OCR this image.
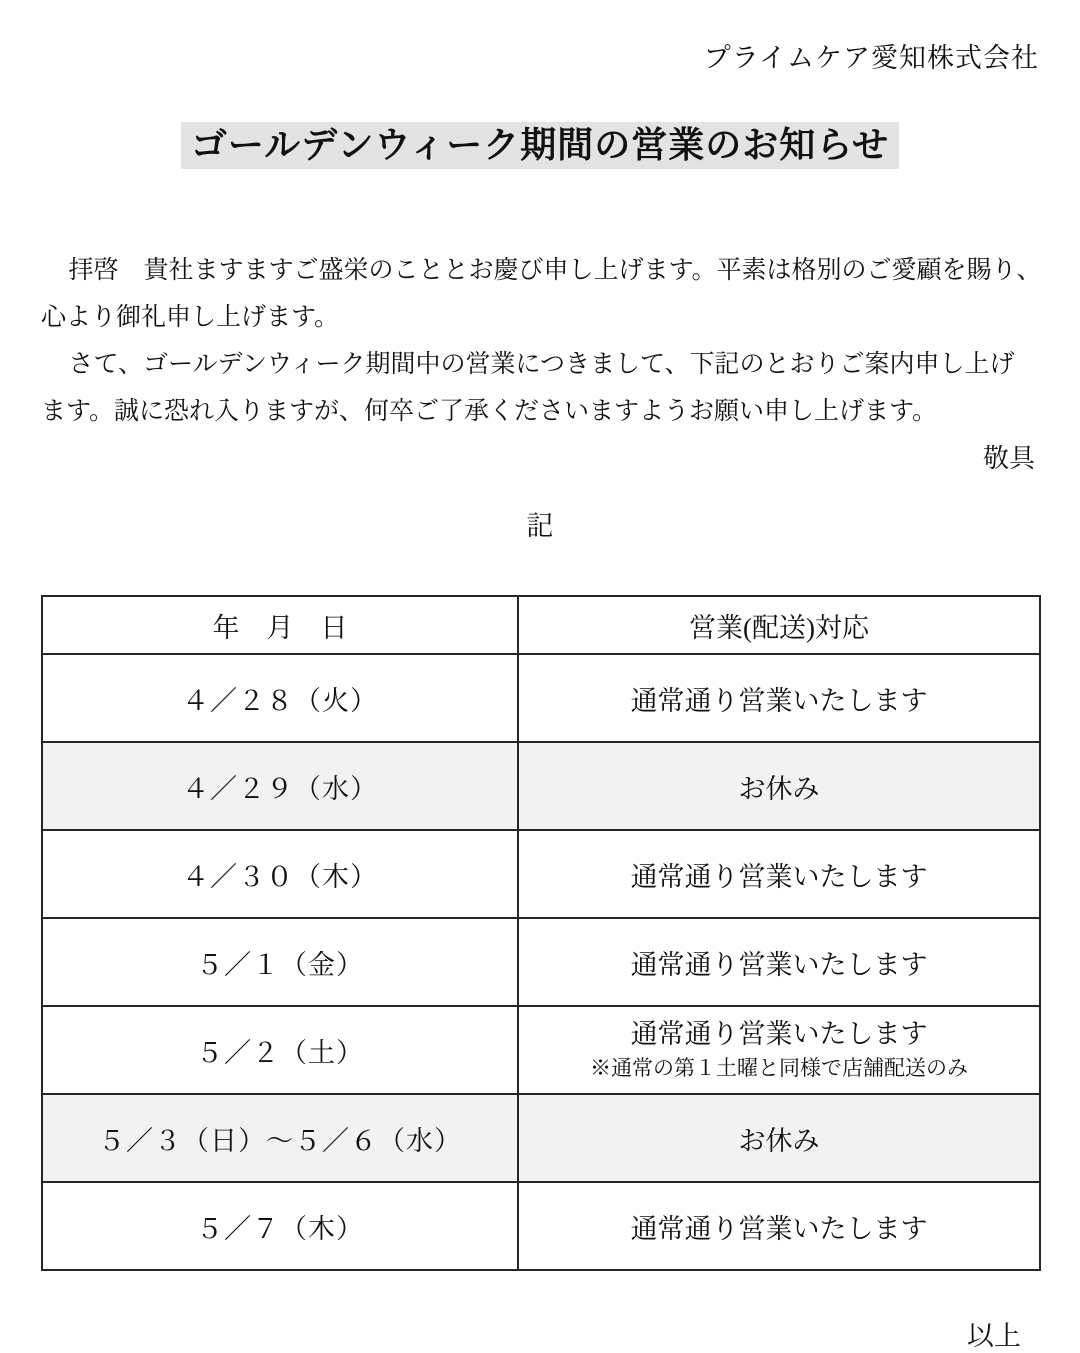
プライムケア愛知株式会社
ゴールデンウィーク期間の営業のお知らせ
拝啓　貴社ますますご盛栄のこととお慶び申し上げます。平素は格別のご愛顧を賜り、
心より御礼申し上げます。
さて、ゴールデンウィーク期間中の営業につきまして、下記のとおりご案内申し上げ
ます。誠に恐れ入りますが、何卒ご了承くださいますようお願い申し上げます。
敬具
記
年　月　日	営業(配送)対応
４／２８（火）	通常通り営業いたします
４／２９（水）	お休み
４／３０（木）	通常通り営業いたします
５／１（金）	通常通り営業いたします
５／２（土）	通常通り営業いたします
※通常の第１土曜と同様で店舗配送のみ

５／３（日）～５／６（水）	お休み
５／７（木）	通常通り営業いたします
以上
